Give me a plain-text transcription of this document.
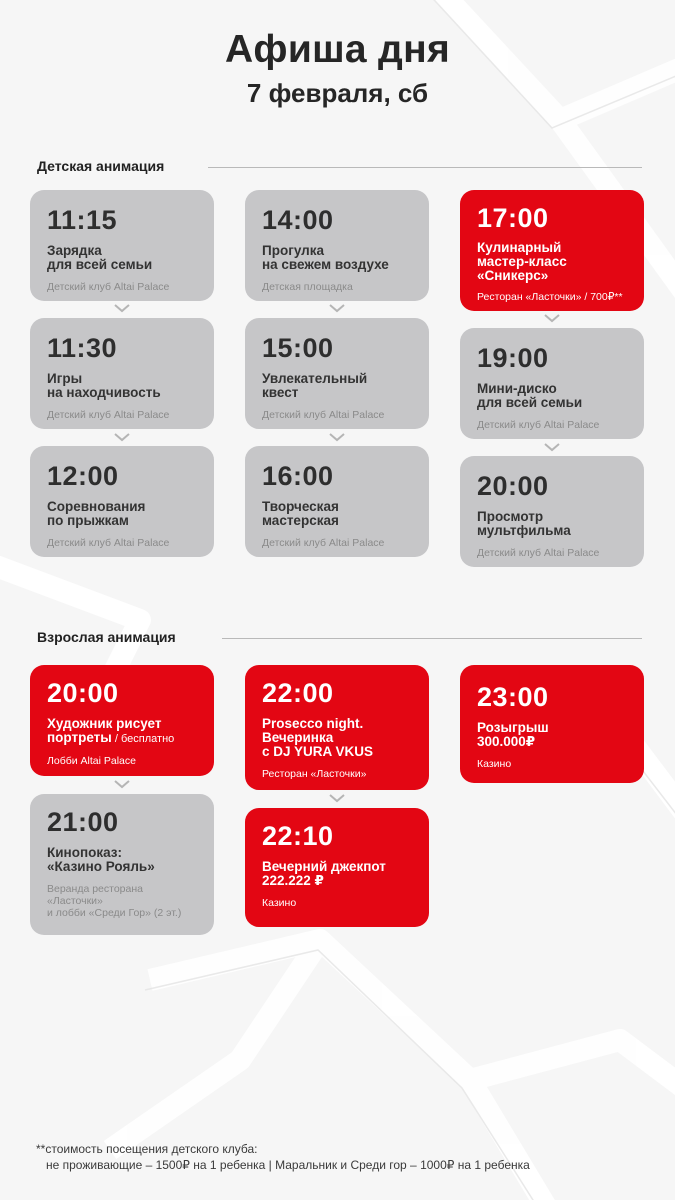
Афиша дня
7 февраля, сб
Детская анимация
11:15
Зарядка
для всей семьи
Детский клуб Altai Palace
11:30
Игры
на находчивость
Детский клуб Altai Palace
12:00
Соревнования
по прыжкам
Детский клуб Altai Palace
14:00
Прогулка
на свежем воздухе
Детская площадка
15:00
Увлекательный
квест
Детский клуб Altai Palace
16:00
Творческая
мастерская
Детский клуб Altai Palace
17:00
Кулинарный
мастер-класс
«Сникерс»
Ресторан «Ласточки» / 700₽**
19:00
Мини-диско
для всей семьи
Детский клуб Altai Palace
20:00
Просмотр
мультфильма
Детский клуб Altai Palace
Взрослая анимация
20:00
Художник рисует
портреты / бесплатно
Лобби Altai Palace
21:00
Кинопоказ:
«Казино Рояль»
Веранда ресторана
«Ласточки»
и лобби «Среди Гор» (2 эт.)
22:00
Prosecco night.
Вечеринка
с DJ YURA VKUS
Ресторан «Ласточки»
22:10
Вечерний джекпот
222.222 ₽
Казино
23:00
Розыгрыш
300.000₽
Казино
**стоимость посещения детского клуба:
не проживающие – 1500₽ на 1 ребенка | Маральник и Среди гор – 1000₽ на 1 ребенка
